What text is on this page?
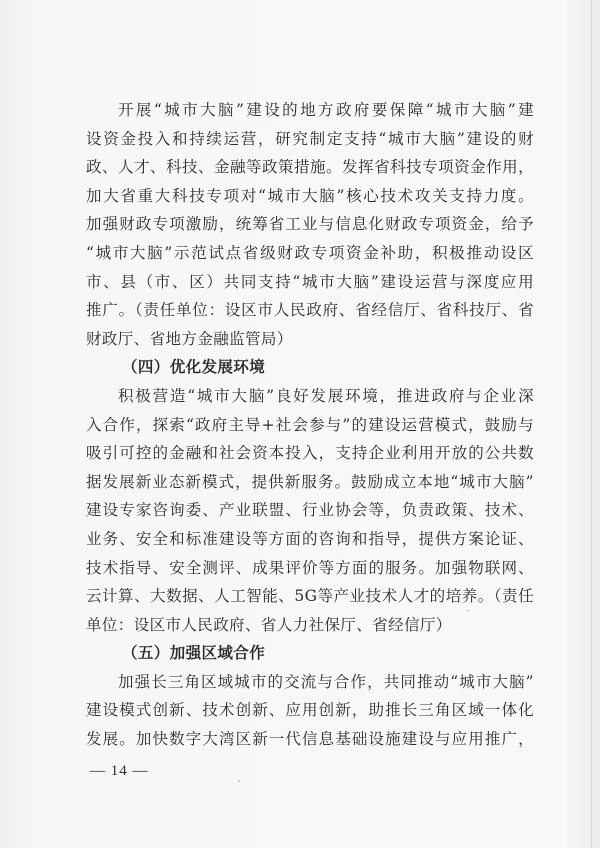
开展“城市大脑”建设的地方政府要保障“城市大脑”建
设资金投入和持续运营，研究制定支持“城市大脑”建设的财
政、人才、科技、金融等政策措施。发挥省科技专项资金作用，
加大省重大科技专项对“城市大脑”核心技术攻关支持力度。
加强财政专项激励，统筹省工业与信息化财政专项资金，给予
“城市大脑”示范试点省级财政专项资金补助，积极推动设区
市、县（市、区）共同支持“城市大脑”建设运营与深度应用
推广。（责任单位：设区市人民政府、省经信厅、省科技厅、省
财政厅、省地方金融监管局）
（四）优化发展环境
积极营造“城市大脑”良好发展环境，推进政府与企业深
入合作，探索“政府主导+社会参与”的建设运营模式，鼓励与
吸引可控的金融和社会资本投入，支持企业利用开放的公共数
据发展新业态新模式，提供新服务。鼓励成立本地“城市大脑”
建设专家咨询委、产业联盟、行业协会等，负责政策、技术、
业务、安全和标准建设等方面的咨询和指导，提供方案论证、
技术指导、安全测评、成果评价等方面的服务。加强物联网、
云计算、大数据、人工智能、5G等产业技术人才的培养。（责任
单位：设区市人民政府、省人力社保厅、省经信厅）
（五）加强区域合作
加强长三角区域城市的交流与合作，共同推动“城市大脑”
建设模式创新、技术创新、应用创新，助推长三角区域一体化
发展。加快数字大湾区新一代信息基础设施建设与应用推广，
— 14 —
